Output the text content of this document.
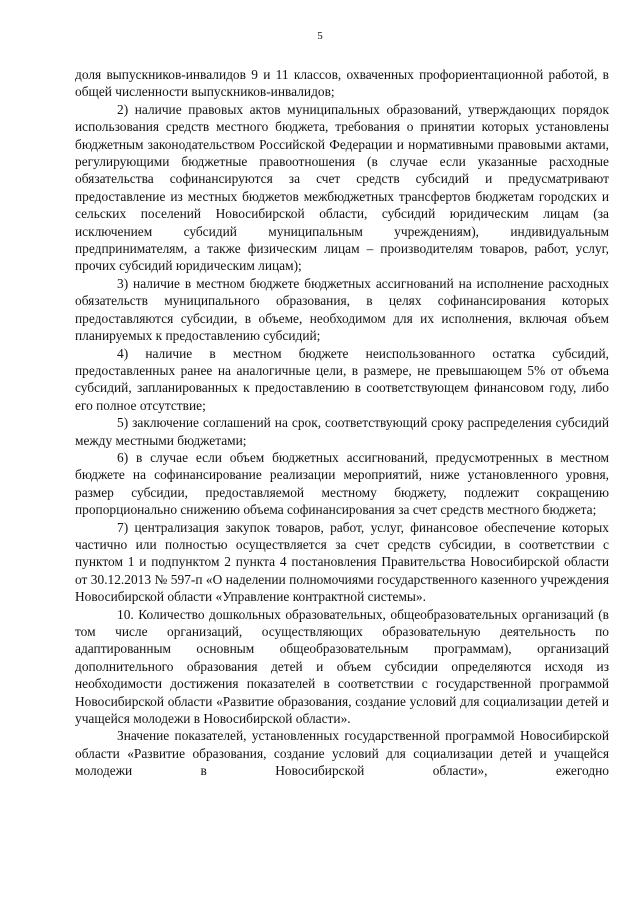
5

доля выпускников-инвалидов 9 и 11 классов, охваченных профориентационной работой, в общей численности выпускников-инвалидов;

2) наличие правовых актов муниципальных образований, утверждающих порядок использования средств местного бюджета, требования о принятии которых установлены бюджетным законодательством Российской Федерации и нормативными правовыми актами, регулирующими бюджетные правоотношения (в случае если указанные расходные обязательства софинансируются за счет средств субсидий и предусматривают предоставление из местных бюджетов межбюджетных трансфертов бюджетам городских и сельских поселений Новосибирской области, субсидий юридическим лицам (за исключением субсидий муниципальным учреждениям), индивидуальным предпринимателям, а также физическим лицам – производителям товаров, работ, услуг, прочих субсидий юридическим лицам);

3) наличие в местном бюджете бюджетных ассигнований на исполнение расходных обязательств муниципального образования, в целях софинансирования которых предоставляются субсидии, в объеме, необходимом для их исполнения, включая объем планируемых к предоставлению субсидий;

4) наличие в местном бюджете неиспользованного остатка субсидий, предоставленных ранее на аналогичные цели, в размере, не превышающем 5% от объема субсидий, запланированных к предоставлению в соответствующем финансовом году, либо его полное отсутствие;

5) заключение соглашений на срок, соответствующий сроку распределения субсидий между местными бюджетами;

6) в случае если объем бюджетных ассигнований, предусмотренных в местном бюджете на софинансирование реализации мероприятий, ниже установленного уровня, размер субсидии, предоставляемой местному бюджету, подлежит сокращению пропорционально снижению объема софинансирования за счет средств местного бюджета;

7) централизация закупок товаров, работ, услуг, финансовое обеспечение которых частично или полностью осуществляется за счет средств субсидии, в соответствии с пунктом 1 и подпунктом 2 пункта 4 постановления Правительства Новосибирской области от 30.12.2013 № 597-п «О наделении полномочиями государственного казенного учреждения Новосибирской области «Управление контрактной системы».

10. Количество дошкольных образовательных, общеобразовательных организаций (в том числе организаций, осуществляющих образовательную деятельность по адаптированным основным общеобразовательным программам), организаций дополнительного образования детей и объем субсидии определяются исходя из необходимости достижения показателей в соответствии с государственной программой Новосибирской области «Развитие образования, создание условий для социализации детей и учащейся молодежи в Новосибирской области».

Значение показателей, установленных государственной программой Новосибирской области «Развитие образования, создание условий для социализации детей и учащейся молодежи в Новосибирской области», ежегодно
